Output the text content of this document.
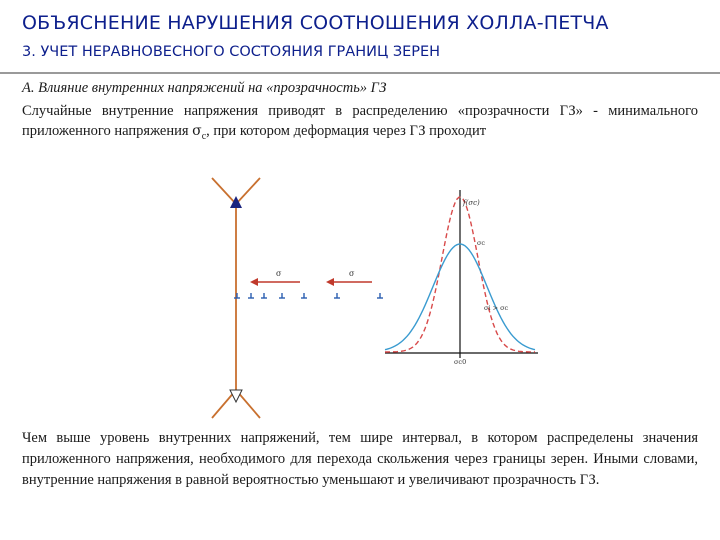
ОБЪЯСНЕНИЕ НАРУШЕНИЯ СООТНОШЕНИЯ ХОЛЛА-ПЕТЧА
3. УЧЕТ НЕРАВНОВЕСНОГО СОСТОЯНИЯ ГРАНИЦ ЗЕРЕН
А. Влияние внутренних напряжений на «прозрачность» ГЗ
Случайные внутренние напряжения приводят в распределению «прозрачности ГЗ» - минимального приложенного напряжения $\sigma_c$, при котором деформация через ГЗ проходит
σ	σ
f(σc)
σc
σi > σc
σc0
Чем выше уровень внутренних напряжений, тем шире интервал, в котором распределены значения приложенного напряжения, необходимого для перехода скольжения через границы зерен. Иными словами, внутренние напряжения в равной вероятностью уменьшают и увеличивают прозрачность ГЗ.
